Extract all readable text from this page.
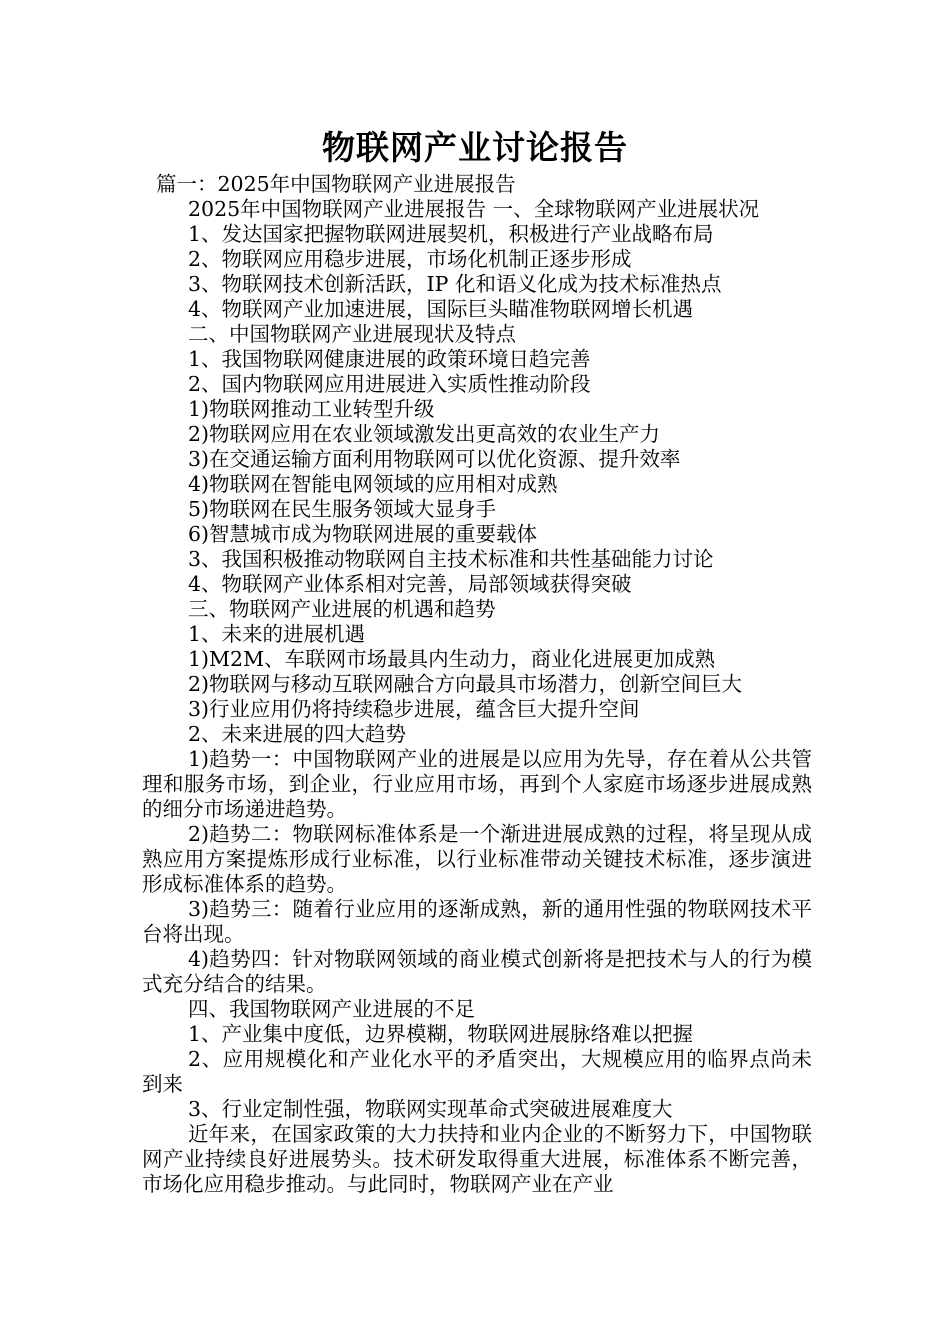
物联网产业讨论报告
篇一：2025年中国物联网产业进展报告
2025年中国物联网产业进展报告 一、全球物联网产业进展状况
1、发达国家把握物联网进展契机，积极进行产业战略布局
2、物联网应用稳步进展，市场化机制正逐步形成
3、物联网技术创新活跃，IP 化和语义化成为技术标准热点
4、物联网产业加速进展，国际巨头瞄准物联网增长机遇
二、中国物联网产业进展现状及特点
1、我国物联网健康进展的政策环境日趋完善
2、国内物联网应用进展进入实质性推动阶段
1)物联网推动工业转型升级
2)物联网应用在农业领域激发出更高效的农业生产力
3)在交通运输方面利用物联网可以优化资源、提升效率
4)物联网在智能电网领域的应用相对成熟
5)物联网在民生服务领域大显身手
6)智慧城市成为物联网进展的重要载体
3、我国积极推动物联网自主技术标准和共性基础能力讨论
4、物联网产业体系相对完善，局部领域获得突破
三、物联网产业进展的机遇和趋势
1、未来的进展机遇
1)M2M、车联网市场最具内生动力，商业化进展更加成熟
2)物联网与移动互联网融合方向最具市场潜力，创新空间巨大
3)行业应用仍将持续稳步进展，蕴含巨大提升空间
2、未来进展的四大趋势
1)趋势一：中国物联网产业的进展是以应用为先导，存在着从公共管理和服务市场，到企业，行业应用市场，再到个人家庭市场逐步进展成熟的细分市场递进趋势。
2)趋势二：物联网标准体系是一个渐进进展成熟的过程，将呈现从成熟应用方案提炼形成行业标准，以行业标准带动关键技术标准，逐步演进形成标准体系的趋势。
3)趋势三：随着行业应用的逐渐成熟，新的通用性强的物联网技术平台将出现。
4)趋势四：针对物联网领域的商业模式创新将是把技术与人的行为模式充分结合的结果。
四、我国物联网产业进展的不足
1、产业集中度低，边界模糊，物联网进展脉络难以把握
2、应用规模化和产业化水平的矛盾突出，大规模应用的临界点尚未到来
3、行业定制性强，物联网实现革命式突破进展难度大
近年来，在国家政策的大力扶持和业内企业的不断努力下，中国物联网产业持续良好进展势头。技术研发取得重大进展，标准体系不断完善，市场化应用稳步推动。与此同时，物联网产业在产业
